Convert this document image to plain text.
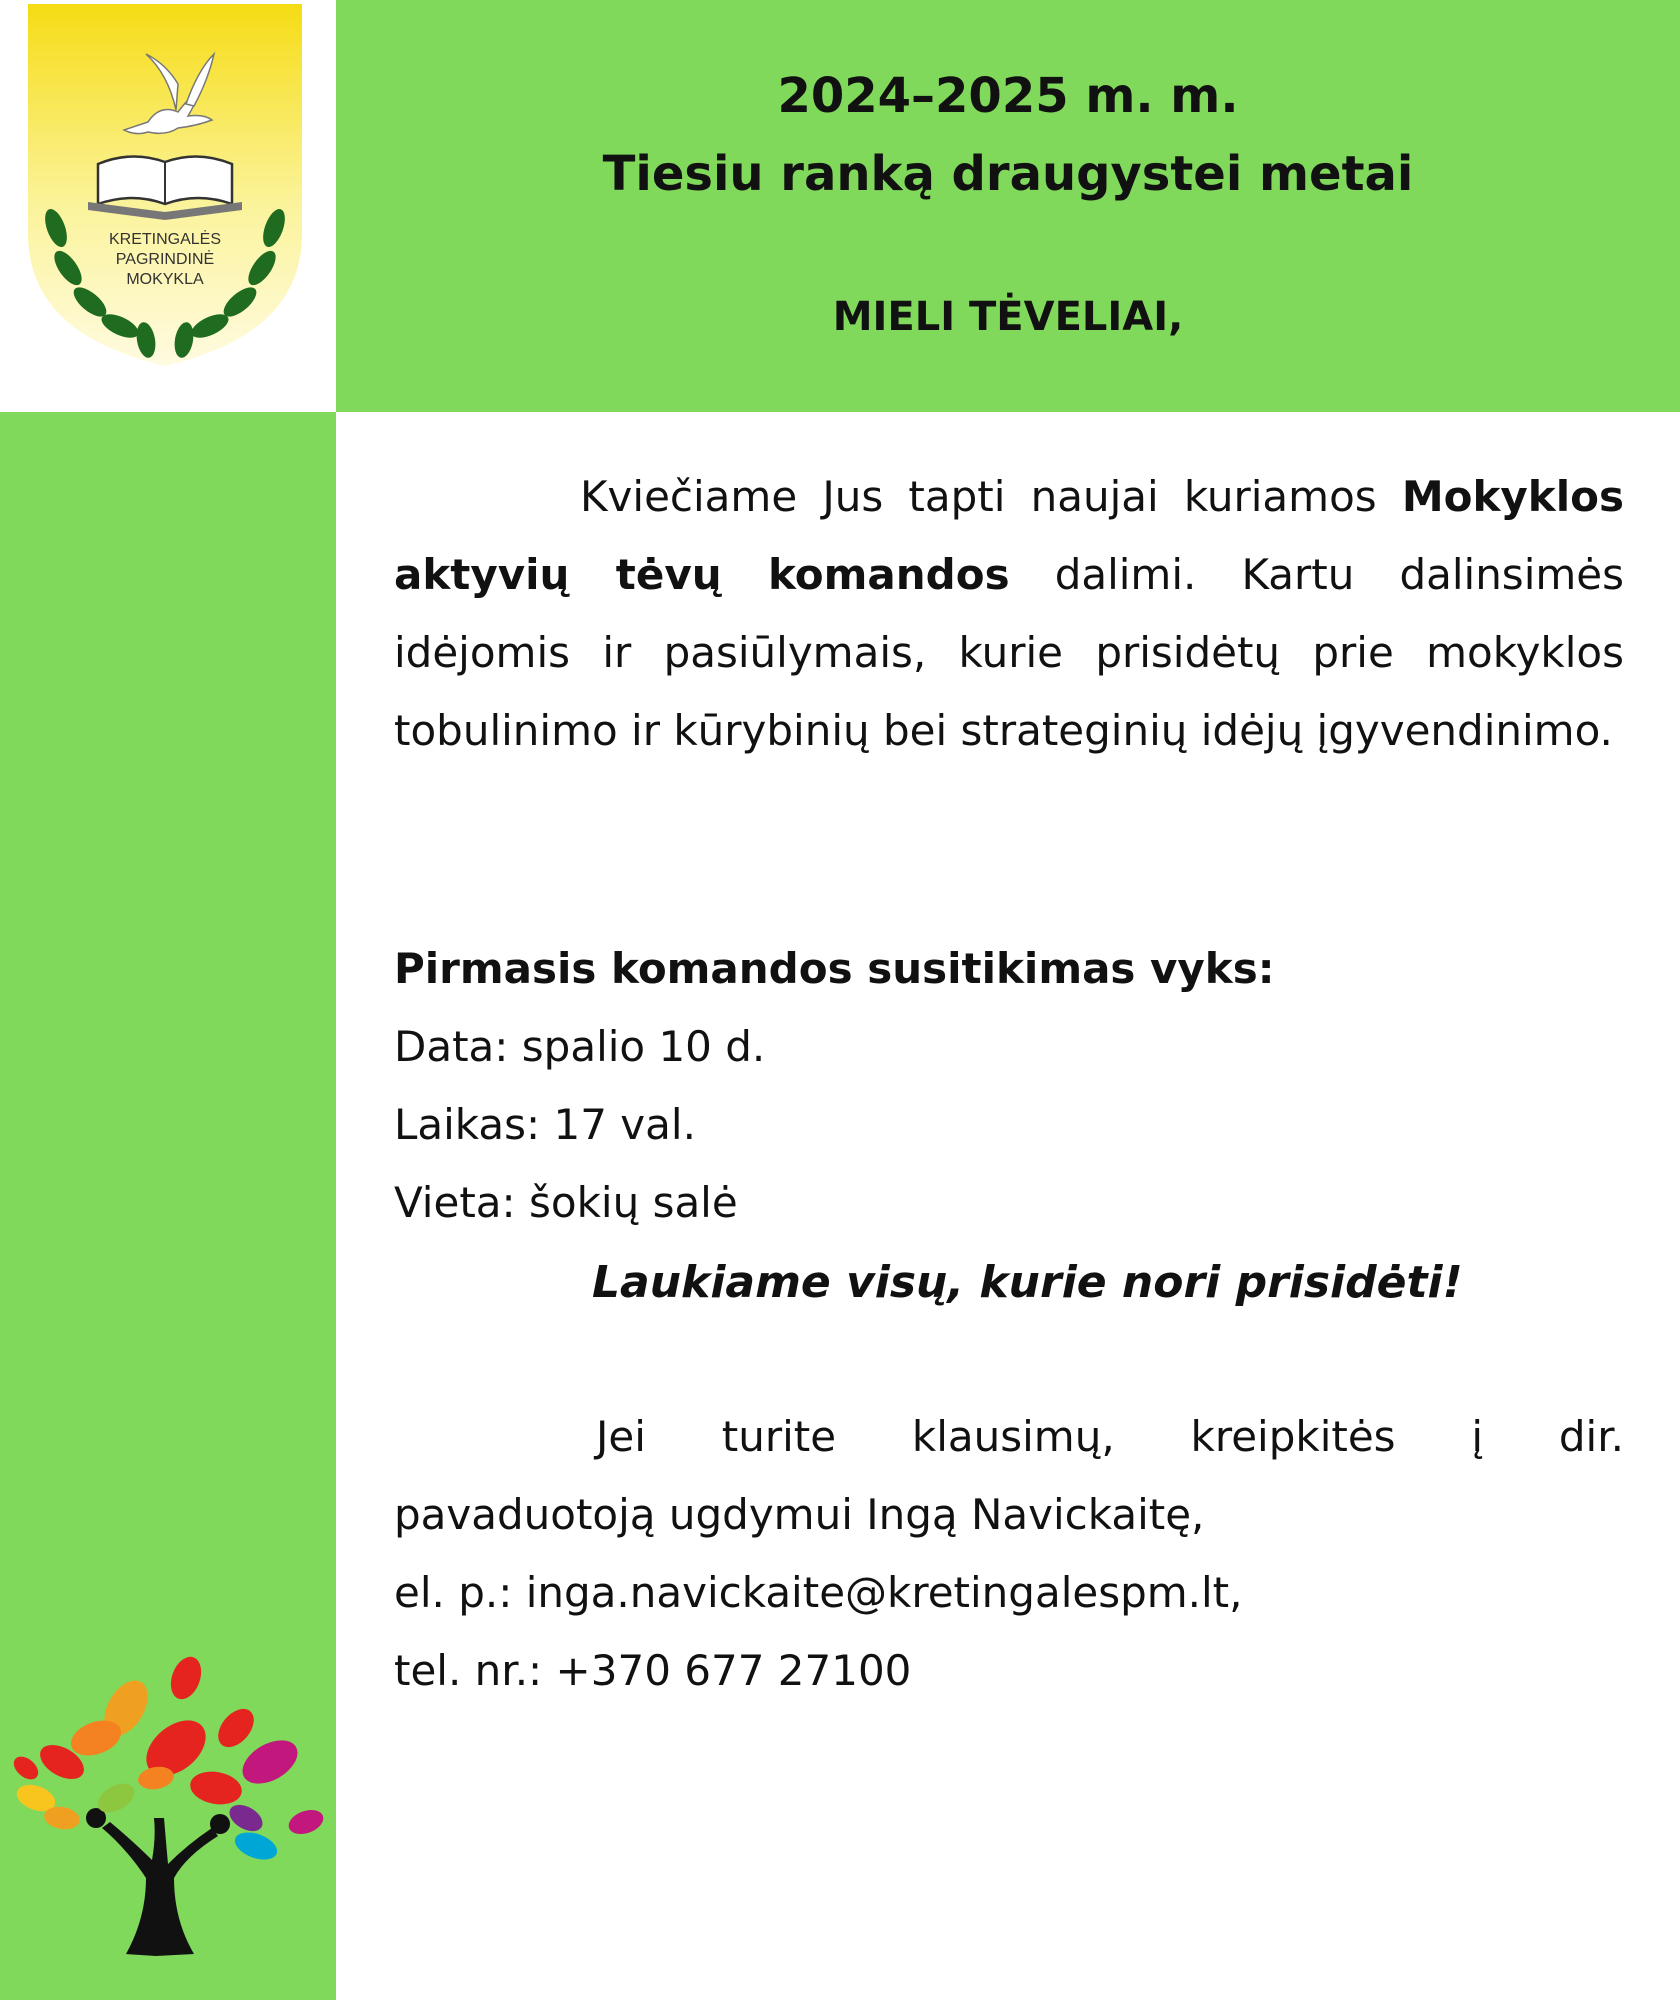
KRETINGALĖS
PAGRINDINĖ
MOKYKLA
2024–2025 m. m.
Tiesiu ranką draugystei metai
MIELI TĖVELIAI,
Kviečiame Jus tapti naujai kuriamos Mokyklos aktyvių tėvų komandos dalimi. Kartu dalinsimės idėjomis ir pasiūlymais, kurie prisidėtų prie mokyklos tobulinimo ir kūrybinių bei strateginių idėjų įgyvendinimo.
Pirmasis komandos susitikimas vyks:
Data: spalio 10 d.
Laikas: 17 val.
Vieta: šokių salė
Laukiame visų, kurie nori prisidėti!
Jei turite klausimų, kreipkitės į dir.
pavaduotoją ugdymui Ingą Navickaitę,
el. p.: inga.navickaite@kretingalespm.lt,
tel. nr.: +370 677 27100
